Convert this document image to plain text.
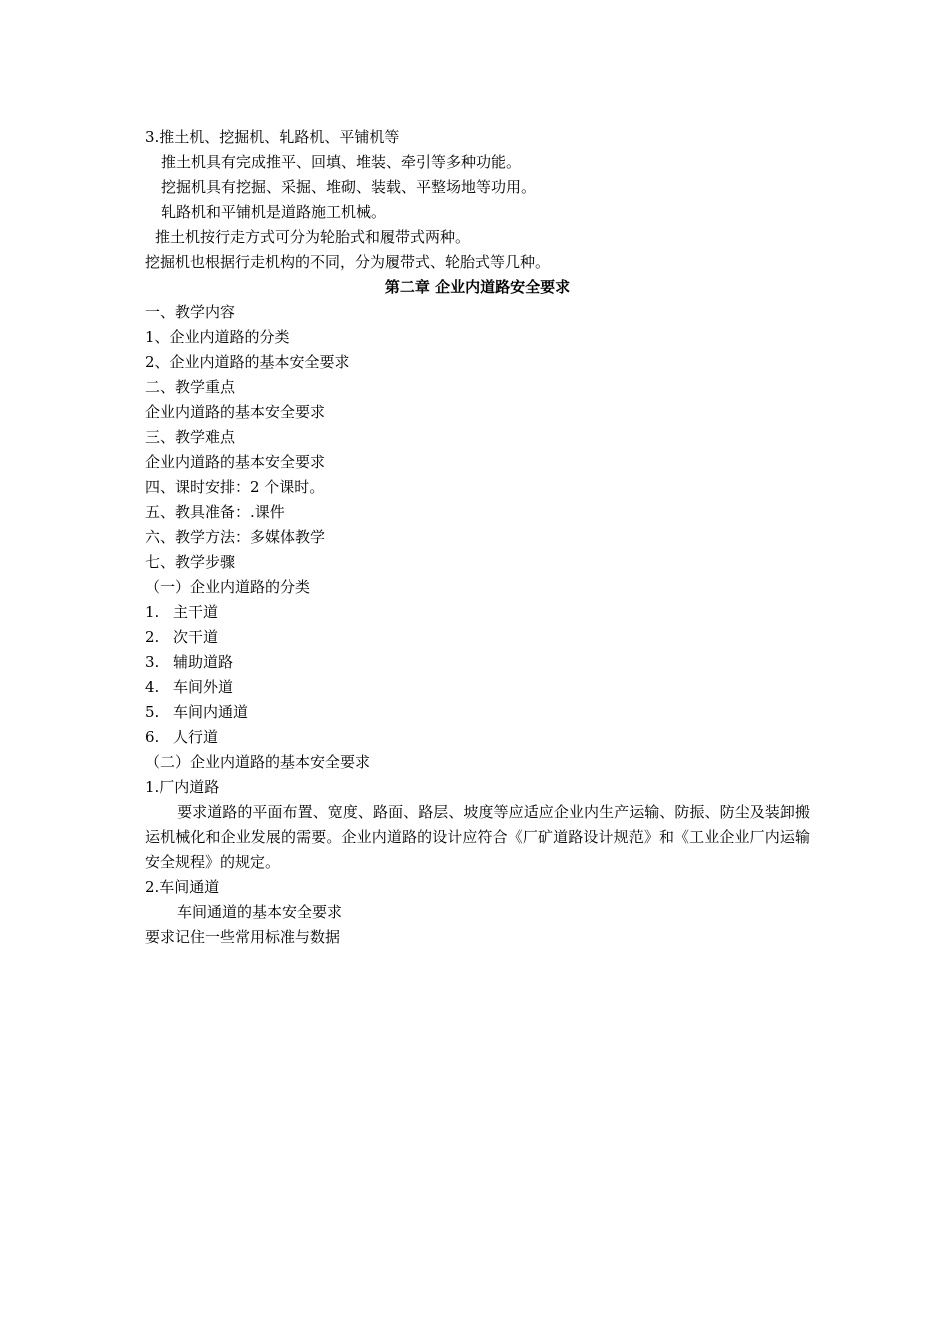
3.推土机、挖掘机、轧路机、平铺机等
推土机具有完成推平、回填、堆装、牵引等多种功能。
挖掘机具有挖掘、采掘、堆砌、装载、平整场地等功用。
轧路机和平铺机是道路施工机械。
推土机按行走方式可分为轮胎式和履带式两种。
挖掘机也根据行走机构的不同，分为履带式、轮胎式等几种。
第二章 企业内道路安全要求
一、教学内容
1、企业内道路的分类
2、企业内道路的基本安全要求
二、教学重点
企业内道路的基本安全要求
三、教学难点
企业内道路的基本安全要求
四、课时安排：2 个课时。
五、教具准备：.课件
六、教学方法：多媒体教学
七、教学步骤
（一）企业内道路的分类
1. 主干道
2. 次干道
3. 辅助道路
4. 车间外道
5. 车间内通道
6. 人行道
（二）企业内道路的基本安全要求
1.厂内道路
要求道路的平面布置、宽度、路面、路层、坡度等应适应企业内生产运输、防振、防尘及装卸搬运机械化和企业发展的需要。企业内道路的设计应符合《厂矿道路设计规范》和《工业企业厂内运输安全规程》的规定。
2.车间通道
车间通道的基本安全要求
要求记住一些常用标准与数据
